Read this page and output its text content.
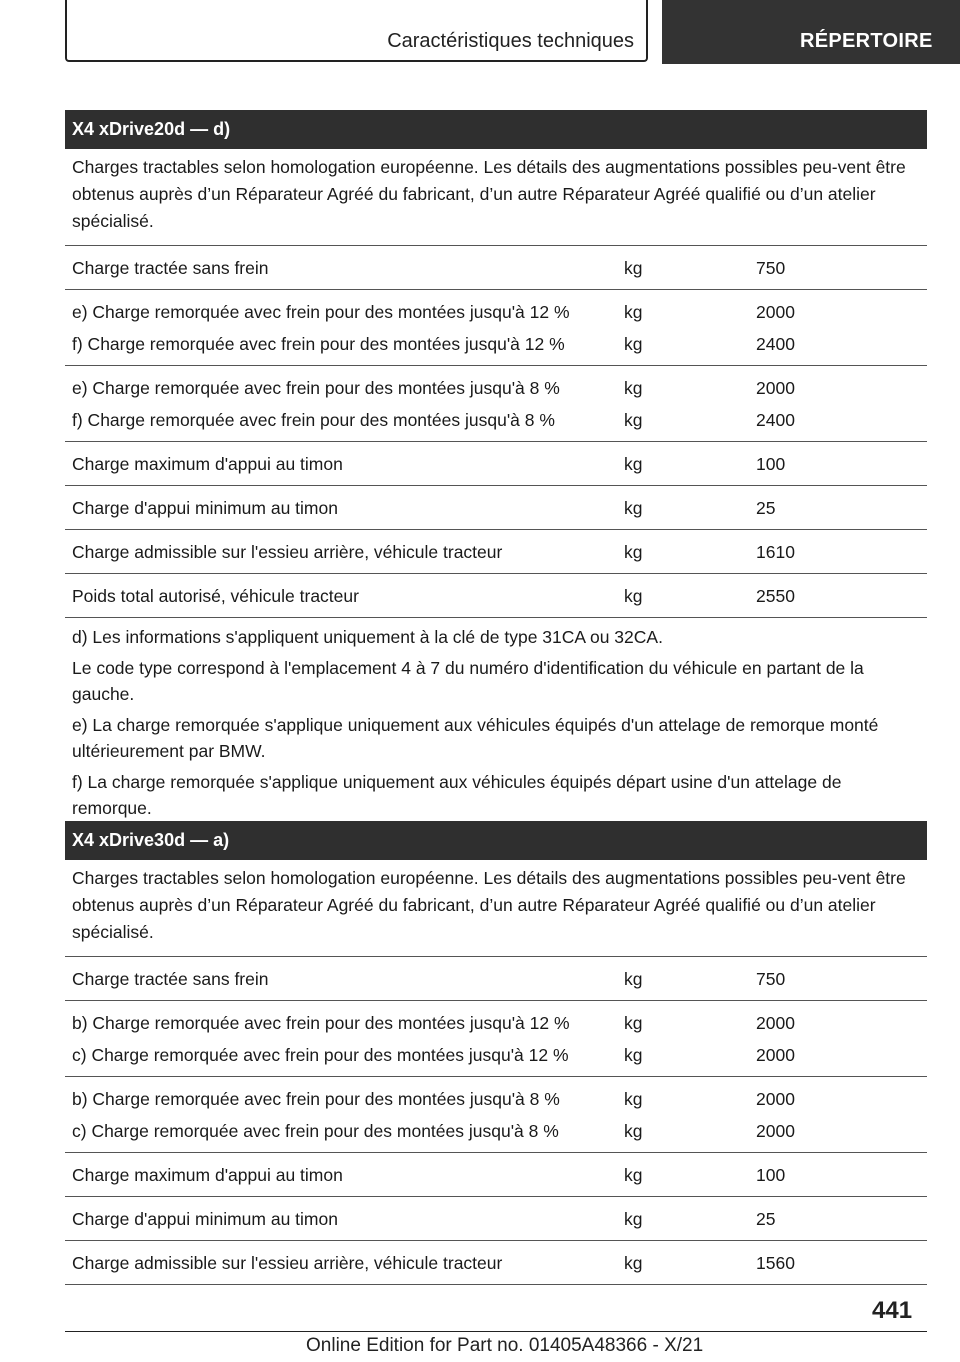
Caractéristiques techniques	RÉPERTOIRE
X4 xDrive20d — d)
Charges tractables selon homologation européenne. Les détails des augmentations possibles peu-vent être obtenus auprès d’un Réparateur Agréé du fabricant, d’un autre Réparateur Agréé qualifié ou d’un atelier spécialisé.
Charge tractée sans frein	kg	750
e) Charge remorquée avec frein pour des montées jusqu'à 12 %	kg	2000
f) Charge remorquée avec frein pour des montées jusqu'à 12 %	kg	2400
e) Charge remorquée avec frein pour des montées jusqu'à 8 %	kg	2000
f) Charge remorquée avec frein pour des montées jusqu'à 8 %	kg	2400
Charge maximum d'appui au timon	kg	100
Charge d'appui minimum au timon	kg	25
Charge admissible sur l'essieu arrière, véhicule tracteur	kg	1610
Poids total autorisé, véhicule tracteur	kg	2550

d) Les informations s'appliquent uniquement à la clé de type 31CA ou 32CA.

Le code type correspond à l'emplacement 4 à 7 du numéro d'identification du véhicule en partant de la gauche.

e) La charge remorquée s'applique uniquement aux véhicules équipés d'un attelage de remorque monté ultérieurement par BMW.

f) La charge remorquée s'applique uniquement aux véhicules équipés départ usine d'un attelage de remorque.

X4 xDrive30d — a)
Charges tractables selon homologation européenne. Les détails des augmentations possibles peu-vent être obtenus auprès d’un Réparateur Agréé du fabricant, d’un autre Réparateur Agréé qualifié ou d’un atelier spécialisé.
Charge tractée sans frein	kg	750
b) Charge remorquée avec frein pour des montées jusqu'à 12 %	kg	2000
c) Charge remorquée avec frein pour des montées jusqu'à 12 %	kg	2000
b) Charge remorquée avec frein pour des montées jusqu'à 8 %	kg	2000
c) Charge remorquée avec frein pour des montées jusqu'à 8 %	kg	2000
Charge maximum d'appui au timon	kg	100
Charge d'appui minimum au timon	kg	25
Charge admissible sur l'essieu arrière, véhicule tracteur	kg	1560
441
Online Edition for Part no. 01405A48366 - X/21
